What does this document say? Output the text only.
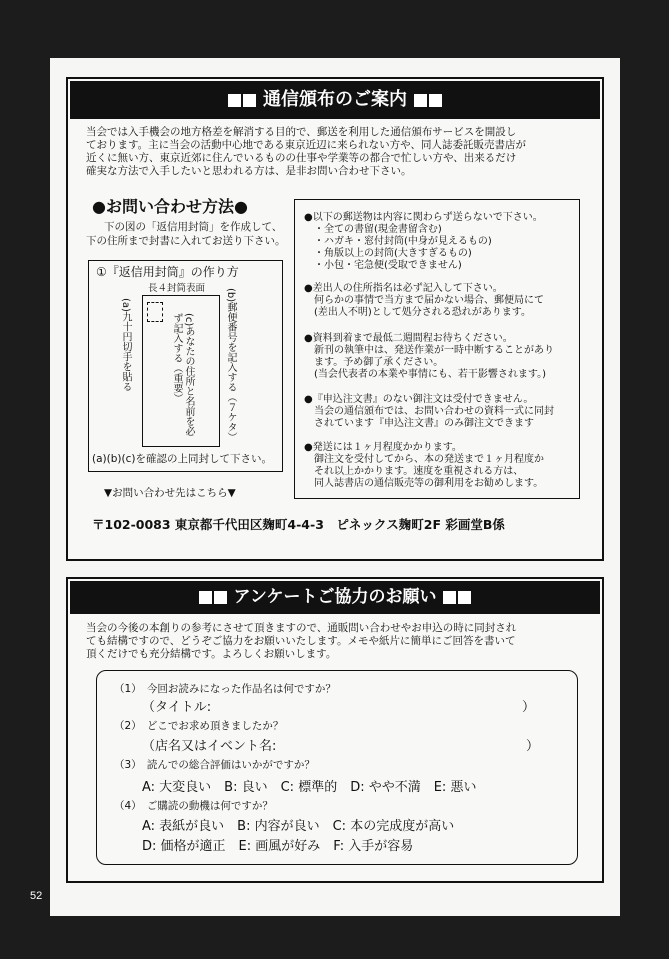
通信頒布のご案内
当会では入手機会の地方格差を解消する目的で、郵送を利用した通信頒布サービスを開設し
ております。主に当会の活動中心地である東京近辺に来られない方や、同人誌委託販売書店が
近くに無い方、東京近郊に住んでいるものの仕事や学業等の都合で忙しい方や、出来るだけ
確実な方法で入手したいと思われる方は、是非お問い合わせ下さい。
●お問い合わせ方法●
下の図の「返信用封筒」を作成して、
下の住所まで封書に入れてお送り下さい。
①『返信用封筒』の作り方
長４封筒表面
(a)九十円切手を貼る	(c)あなたの住所と名前を必ず記入する（重要）	(b)郵便番号を記入する（７ケタ）
(a)(b)(c)を確認の上同封して下さい。
▼お問い合わせ先はこちら▼
〒102-0083 東京都千代田区麹町4-4-3　ピネックス麹町2F 彩画堂B係
●以下の郵送物は内容に関わらず送らないで下さい。
　・全ての書留(現金書留含む)
　・ハガキ・窓付封筒(中身が見えるもの)
　・角版以上の封筒(大きすぎるもの)
　・小包・宅急便(受取できません)
●差出人の住所指名は必ず記入して下さい。
　何らかの事情で当方まで届かない場合、郵便局にて
　(差出人不明)として処分される恐れがあります。
●資料到着まで最低二週間程お待ちください。
　新刊の執筆中は、発送作業が一時中断することがあり
　ます。予め御了承ください。
　(当会代表者の本業や事情にも、若干影響されます。)
●『申込注文書』のない御注文は受付できません。
　当会の通信頒布では、お問い合わせの資料一式に同封
　されています『申込注文書』のみ御注文できます
●発送には１ヶ月程度かかります。
　御注文を受付してから、本の発送まで１ヶ月程度か
　それ以上かかります。速度を重視される方は、
　同人誌書店の通信販売等の御利用をお勧めします。
アンケートご協力のお願い
当会の今後の本創りの参考にさせて頂きますので、通販問い合わせやお申込の時に同封され
ても結構ですので、どうぞご協力をお願いいたします。メモや紙片に簡単にご回答を書いて
頂くだけでも充分結構です。よろしくお願いします。
（1）　今回お読みになった作品名は何ですか？
（タイトル:	）
（2）　どこでお求め頂きましたか？
（店名又はイベント名:	）
（3）　読んでの総合評価はいかがですか？
A: 大変良い　B: 良い　C: 標準的　D: やや不満　E: 悪い
（4）　ご購読の動機は何ですか？
A: 表紙が良い　B: 内容が良い　C: 本の完成度が高い
D: 価格が適正　E: 画風が好み　F: 入手が容易
52
